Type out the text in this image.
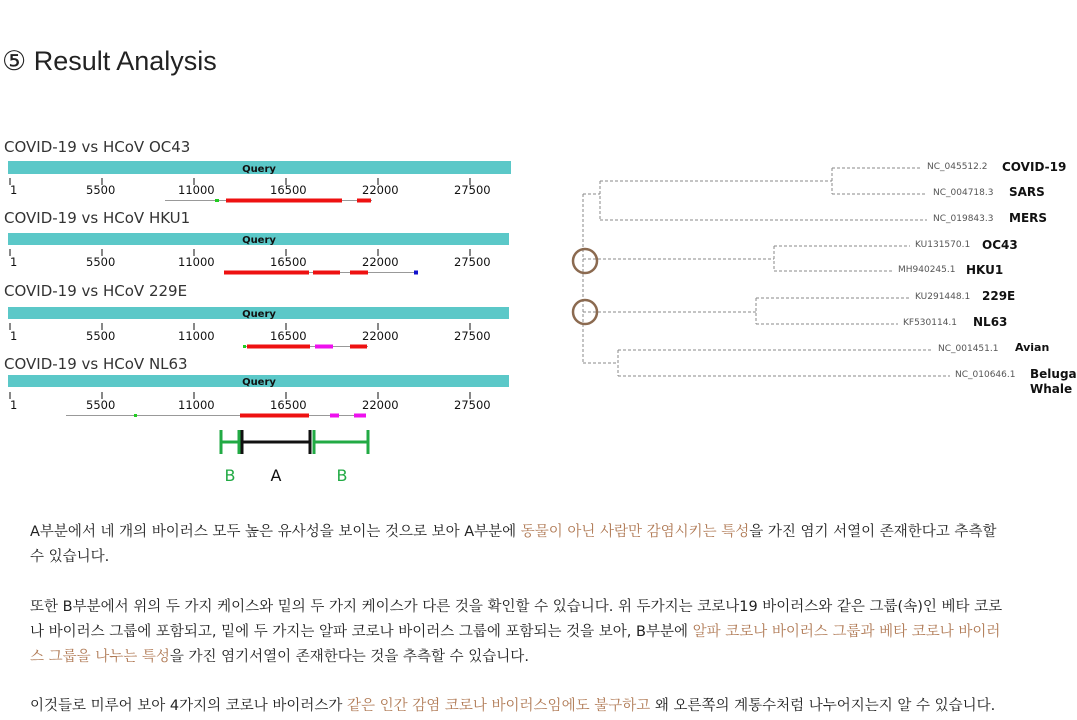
⑤ Result Analysis
COVID-19 vs HCoV OC43
Query
1	5500	11000	16500	22000	27500
COVID-19 vs HCoV HKU1
Query
1	5500	11000	16500	22000	27500
COVID-19 vs HCoV 229E
Query
1	5500	11000	16500	22000	27500
COVID-19 vs HCoV NL63
Query
1	5500	11000	16500	22000	27500
B A	B
NC_045512.2
NC_004718.3
NC_019843.3
KU131570.1
MH940245.1
KU291448.1
KF530114.1
NC_001451.1
NC_010646.1
COVID-19
SARS
MERS
OC43
HKU1
229E
NL63
Avian
Beluga
Whale
A부분에서 네 개의 바이러스 모두 높은 유사성을 보이는 것으로 보아 A부분에 동물이 아닌 사람만 감염시키는 특성을 가진 염기 서열이 존재한다고 추측할
수 있습니다.
또한 B부분에서 위의 두 가지 케이스와 밑의 두 가지 케이스가 다른 것을 확인할 수 있습니다. 위 두가지는 코로나19 바이러스와 같은 그룹(속)인 베타 코로
나 바이러스 그룹에 포함되고, 밑에 두 가지는 알파 코로나 바이러스 그룹에 포함되는 것을 보아, B부분에 알파 코로나 바이러스 그룹과 베타 코로나 바이러
스 그룹을 나누는 특성을 가진 염기서열이 존재한다는 것을 추측할 수 있습니다.
이것들로 미루어 보아 4가지의 코로나 바이러스가 같은 인간 감염 코로나 바이러스임에도 불구하고 왜 오른쪽의 계통수처럼 나누어지는지 알 수 있습니다.
